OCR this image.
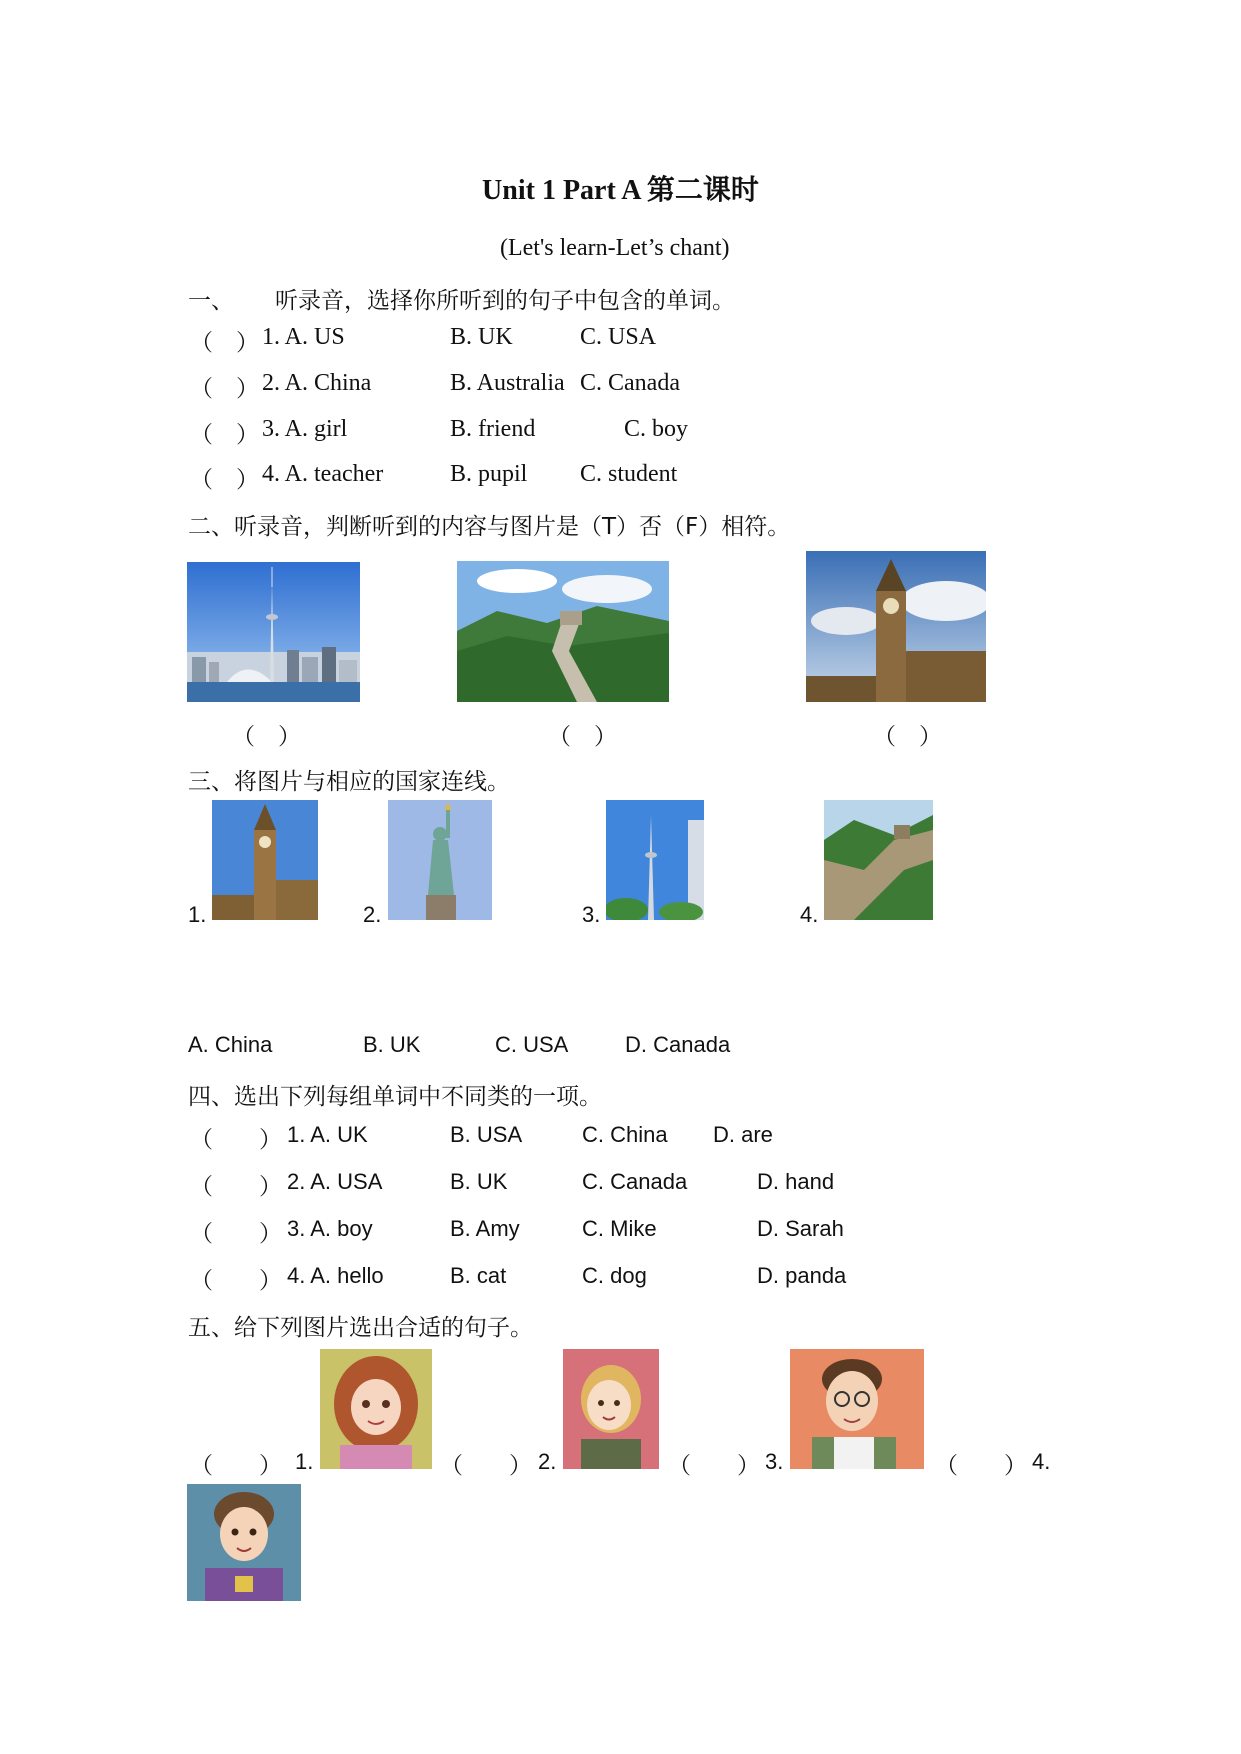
Unit 1 Part A 第二课时
(Let's learn-Let’s chant)
一、 听录音，选择你所听到的句子中包含的单词。
（　） 1. A. US	B. UK	C. USA
（　） 2. A. China	B. Australia C. Canada
（　） 3. A. girl	B. friend	C. boy
（　） 4. A. teacher	B. pupil C. student
二、听录音，判断听到的内容与图片是（T）否（F）相符。
（　）	（　）	（　）
三、将图片与相应的国家连线。
1.	2.	3.	4.
A. China	B. UK	C. USA	D. Canada
四、选出下列每组单词中不同类的一项。
（　　） 1. A. UK	B. USA	C. China D. are
（　　） 2. A. USA	B. UK	C. Canada	D. hand
（　　） 3. A. boy	B. Amy	C. Mike	D. Sarah
（　　） 4. A. hello	B. cat	C. dog	D. panda
五、给下列图片选出合适的句子。
（　　） 1.	（　　） 2.	（　　） 3.	（　　） 4.
